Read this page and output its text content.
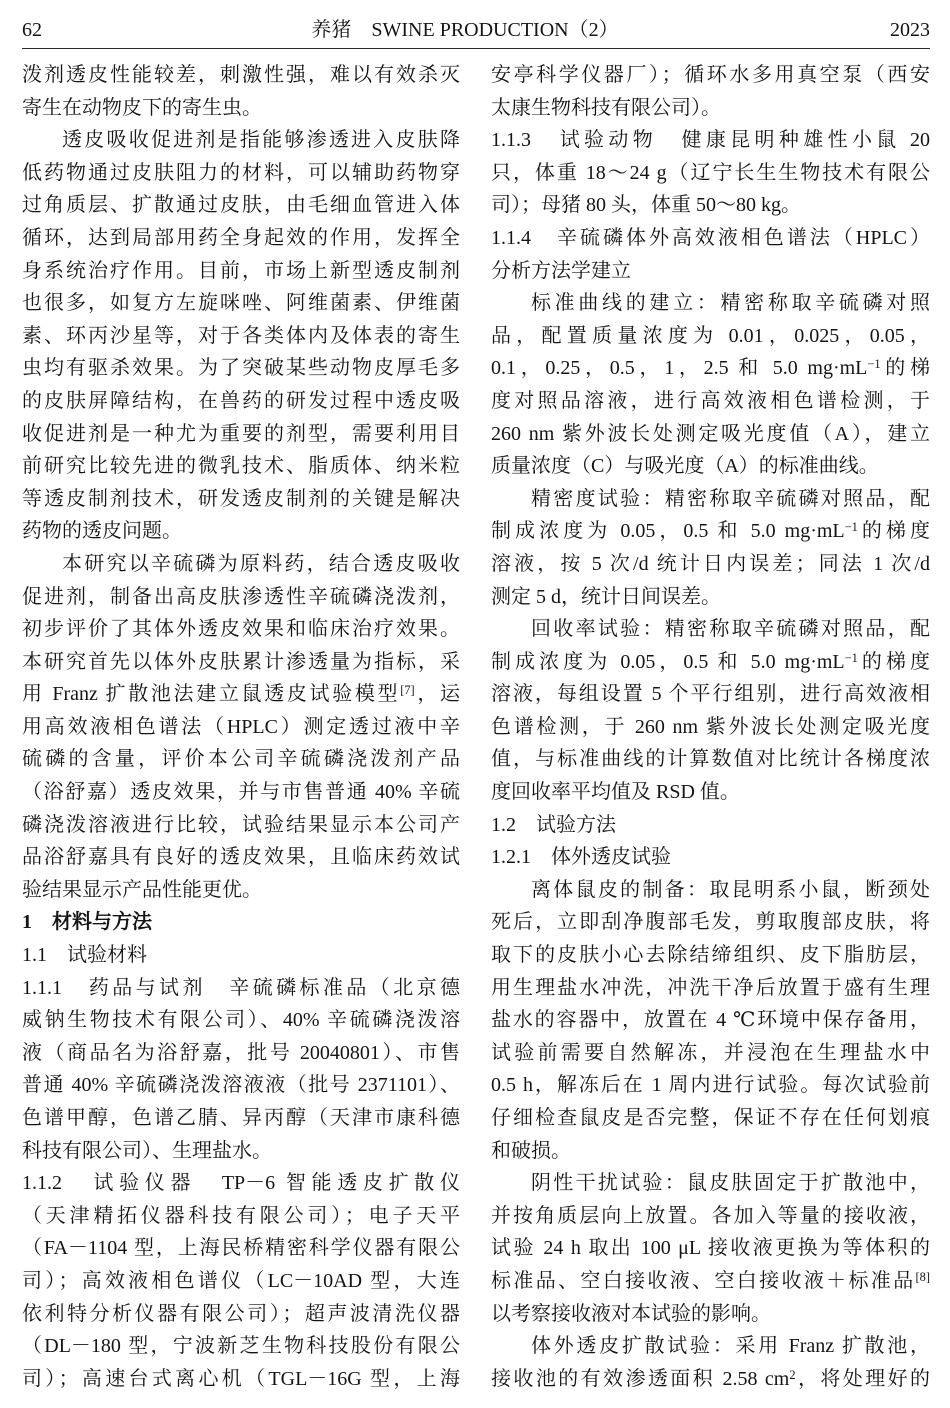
养猪　SWINE PRODUCTION（2）
62	2023
泼剂透皮性能较差，刺激性强，难以有效杀灭
寄生在动物皮下的寄生虫。
透皮吸收促进剂是指能够渗透进入皮肤降
低药物通过皮肤阻力的材料，可以辅助药物穿
过角质层、扩散通过皮肤，由毛细血管进入体
循环，达到局部用药全身起效的作用，发挥全
身系统治疗作用。目前，市场上新型透皮制剂
也很多，如复方左旋咪唑、阿维菌素、伊维菌
素、环丙沙星等，对于各类体内及体表的寄生
虫均有驱杀效果。为了突破某些动物皮厚毛多
的皮肤屏障结构，在兽药的研发过程中透皮吸
收促进剂是一种尤为重要的剂型，需要利用目
前研究比较先进的微乳技术、脂质体、纳米粒
等透皮制剂技术，研发透皮制剂的关键是解决
药物的透皮问题。
本研究以辛硫磷为原料药，结合透皮吸收
促进剂，制备出高皮肤渗透性辛硫磷浇泼剂，
初步评价了其体外透皮效果和临床治疗效果。
本研究首先以体外皮肤累计渗透量为指标，采
用 Franz 扩散池法建立鼠透皮试验模型[7]，运
用高效液相色谱法（HPLC）测定透过液中辛
硫磷的含量，评价本公司辛硫磷浇泼剂产品
（浴舒嘉）透皮效果，并与市售普通 40% 辛硫
磷浇泼溶液进行比较，试验结果显示本公司产
品浴舒嘉具有良好的透皮效果，且临床药效试
验结果显示产品性能更优。
1　材料与方法
1.1　试验材料
1.1.1　药品与试剂　辛硫磷标准品（北京德
威钠生物技术有限公司）、40% 辛硫磷浇泼溶
液（商品名为浴舒嘉，批号 20040801）、市售
普通 40% 辛硫磷浇泼溶液液（批号 2371101）、
色谱甲醇，色谱乙腈、异丙醇（天津市康科德
科技有限公司）、生理盐水。
1.1.2　试验仪器　TP－6 智能透皮扩散仪
（天津精拓仪器科技有限公司）；电子天平
（FA－1104 型，上海民桥精密科学仪器有限公
司）；高效液相色谱仪（LC－10AD 型，大连
依利特分析仪器有限公司）；超声波清洗仪器
（DL－180 型，宁波新芝生物科技股份有限公
司）；高速台式离心机（TGL－16G 型，上海
安亭科学仪器厂）；循环水多用真空泵（西安
太康生物科技有限公司）。
1.1.3　试验动物　健康昆明种雄性小鼠 20
只，体重 18～24 g（辽宁长生生物技术有限公
司）；母猪 80 头，体重 50～80 kg。
1.1.4　辛硫磷体外高效液相色谱法（HPLC）
分析方法学建立
标准曲线的建立：精密称取辛硫磷对照
品，配置质量浓度为 0.01，0.025，0.05，
0.1，0.25，0.5，1，2.5 和 5.0 $mg\cdot mL^{-1}$的梯
度对照品溶液，进行高效液相色谱检测，于
260 nm 紫外波长处测定吸光度值（A），建立
质量浓度（C）与吸光度（A）的标准曲线。
精密度试验：精密称取辛硫磷对照品，配
制成浓度为 0.05，0.5 和 5.0 $mg\cdot mL^{-1}$的梯度
溶液，按 5 次/d 统计日内误差；同法 1 次/d
测定 5 d，统计日间误差。
回收率试验：精密称取辛硫磷对照品，配
制成浓度为 0.05，0.5 和 5.0 $mg\cdot mL^{-1}$的梯度
溶液，每组设置 5 个平行组别，进行高效液相
色谱检测，于 260 nm 紫外波长处测定吸光度
值，与标准曲线的计算数值对比统计各梯度浓
度回收率平均值及 RSD 值。
1.2　试验方法
1.2.1　体外透皮试验
离体鼠皮的制备：取昆明系小鼠，断颈处
死后，立即刮净腹部毛发，剪取腹部皮肤，将
取下的皮肤小心去除结缔组织、皮下脂肪层，
用生理盐水冲洗，冲洗干净后放置于盛有生理
盐水的容器中，放置在 4 ℃环境中保存备用，
试验前需要自然解冻，并浸泡在生理盐水中
0.5 h，解冻后在 1 周内进行试验。每次试验前
仔细检查鼠皮是否完整，保证不存在任何划痕
和破损。
阴性干扰试验：鼠皮肤固定于扩散池中，
并按角质层向上放置。各加入等量的接收液，
试验 24 h 取出 100 μL 接收液更换为等体积的
标准品、空白接收液、空白接收液＋标准品[8]
以考察接收液对本试验的影响。
体外透皮扩散试验：采用 Franz 扩散池，
接收池的有效渗透面积 2.58 $cm^2$，将处理好的
